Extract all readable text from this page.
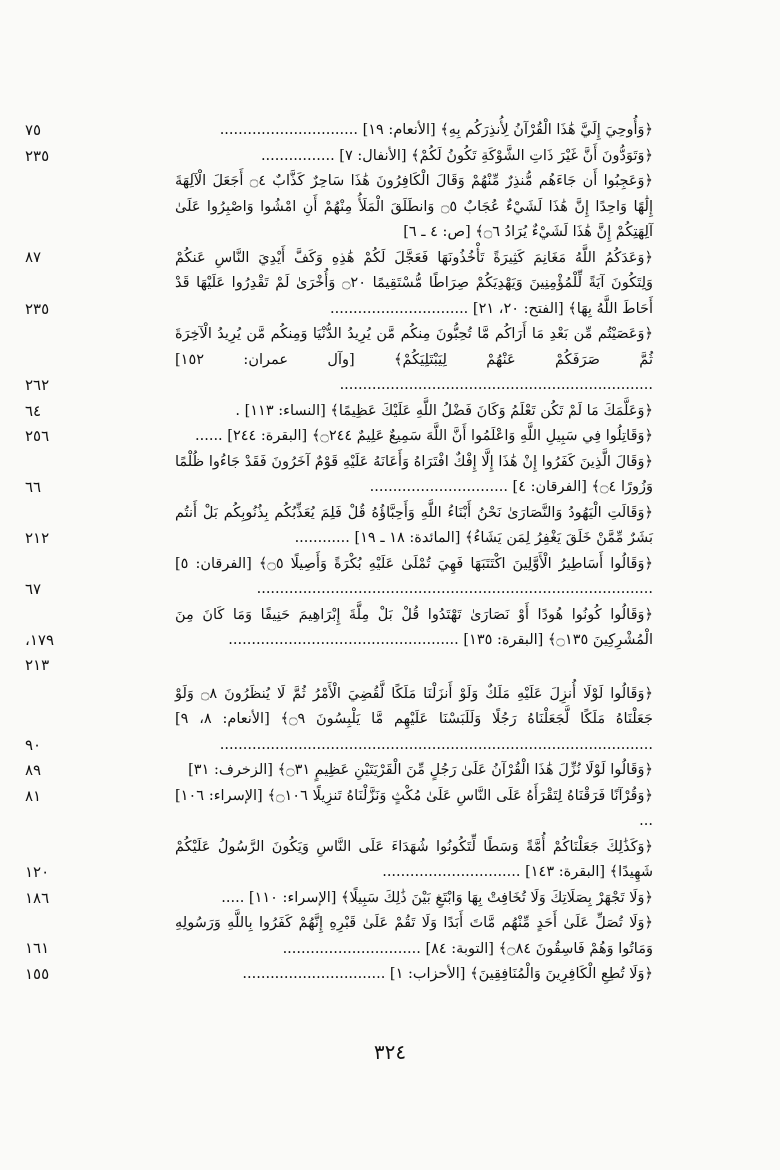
﴿وَأُوحِيَ إِلَيَّ هَٰذَا الْقُرْآنُ لِأُنذِرَكُم بِهِ﴾ [الأنعام: ١٩] ..............................
٧٥
﴿وَتَوَدُّونَ أَنَّ غَيْرَ ذَاتِ الشَّوْكَةِ تَكُونُ لَكُمْ﴾ [الأنفال: ٧] ................
٢٣٥
﴿وَعَجِبُوا أَن جَاءَهُم مُّنذِرٌ مِّنْهُمْ وَقَالَ الْكَافِرُونَ هَٰذَا سَاحِرٌ كَذَّابٌ ۝٤ أَجَعَلَ الْآلِهَةَ إِلَٰهًا وَاحِدًا إِنَّ هَٰذَا لَشَيْءٌ عُجَابٌ ۝٥ وَانطَلَقَ الْمَلَأُ مِنْهُمْ أَنِ امْشُوا وَاصْبِرُوا عَلَىٰ آلِهَتِكُمْ إِنَّ هَٰذَا لَشَيْءٌ يُرَادُ ۝٦﴾ [ص: ٤ ـ ٦]
٨٧	﴿وَعَدَكُمُ اللَّهُ مَغَانِمَ كَثِيرَةً تَأْخُذُونَهَا فَعَجَّلَ لَكُمْ هَٰذِهِ وَكَفَّ أَيْدِيَ النَّاسِ عَنكُمْ وَلِتَكُونَ آيَةً لِّلْمُؤْمِنِينَ وَيَهْدِيَكُمْ صِرَاطًا مُّسْتَقِيمًا ۝٢٠ وَأُخْرَىٰ لَمْ تَقْدِرُوا عَلَيْهَا قَدْ أَحَاطَ اللَّهُ بِهَا﴾ [الفتح: ٢٠، ٢١] ..............................
٢٣٥
﴿وَعَصَيْتُم مِّن بَعْدِ مَا أَرَاكُم مَّا تُحِبُّونَ مِنكُم مَّن يُرِيدُ الدُّنْيَا وَمِنكُم مَّن يُرِيدُ الْآخِرَةَ ثُمَّ صَرَفَكُمْ عَنْهُمْ لِيَبْتَلِيَكُمْ﴾ [وآل عمران: ١٥٢] ....................................................................
٢٦٢
﴿وَعَلَّمَكَ مَا لَمْ تَكُن تَعْلَمُ وَكَانَ فَضْلُ اللَّهِ عَلَيْكَ عَظِيمًا﴾ [النساء: ١١٣] .
٦٤
﴿وَقَاتِلُوا فِي سَبِيلِ اللَّهِ وَاعْلَمُوا أَنَّ اللَّهَ سَمِيعٌ عَلِيمٌ ۝٢٤٤﴾ [البقرة: ٢٤٤] ......
٢٥٦
﴿وَقَالَ الَّذِينَ كَفَرُوا إِنْ هَٰذَا إِلَّا إِفْكٌ افْتَرَاهُ وَأَعَانَهُ عَلَيْهِ قَوْمٌ آخَرُونَ فَقَدْ جَاءُوا ظُلْمًا وَزُورًا ۝٤﴾ [الفرقان: ٤] ..............................
٦٦
﴿وَقَالَتِ الْيَهُودُ وَالنَّصَارَىٰ نَحْنُ أَبْنَاءُ اللَّهِ وَأَحِبَّاؤُهُ قُلْ فَلِمَ يُعَذِّبُكُم بِذُنُوبِكُم بَلْ أَنتُم بَشَرٌ مِّمَّنْ خَلَقَ يَغْفِرُ لِمَن يَشَاءُ﴾ [المائدة: ١٨ ـ ١٩] ............
٢١٢
﴿وَقَالُوا أَسَاطِيرُ الْأَوَّلِينَ اكْتَتَبَهَا فَهِيَ تُمْلَىٰ عَلَيْهِ بُكْرَةً وَأَصِيلًا ۝٥﴾ [الفرقان: ٥] ......................................................................................
٦٧
﴿وَقَالُوا كُونُوا هُودًا أَوْ نَصَارَىٰ تَهْتَدُوا قُلْ بَلْ مِلَّةَ إِبْرَاهِيمَ حَنِيفًا وَمَا كَانَ مِنَ الْمُشْرِكِينَ ۝١٣٥﴾ [البقرة: ١٣٥] ..................................................
١٧٩،
٢١٣
﴿وَقَالُوا لَوْلَا أُنزِلَ عَلَيْهِ مَلَكٌ وَلَوْ أَنزَلْنَا مَلَكًا لَّقُضِيَ الْأَمْرُ ثُمَّ لَا يُنظَرُونَ ۝٨ وَلَوْ جَعَلْنَاهُ مَلَكًا لَّجَعَلْنَاهُ رَجُلًا وَلَلَبَسْنَا عَلَيْهِم مَّا يَلْبِسُونَ ۝٩﴾ [الأنعام: ٨، ٩] ..............................................................................................
٩٠
﴿وَقَالُوا لَوْلَا نُزِّلَ هَٰذَا الْقُرْآنُ عَلَىٰ رَجُلٍ مِّنَ الْقَرْيَتَيْنِ عَظِيمٍ ۝٣١﴾ [الزخرف: ٣١]
٨٩
﴿وَقُرْآنًا فَرَقْنَاهُ لِتَقْرَأَهُ عَلَى النَّاسِ عَلَىٰ مُكْثٍ وَنَزَّلْنَاهُ تَنزِيلًا ۝١٠٦﴾ [الإسراء: ١٠٦] ...
٨١
﴿وَكَذَٰلِكَ جَعَلْنَاكُمْ أُمَّةً وَسَطًا لِّتَكُونُوا شُهَدَاءَ عَلَى النَّاسِ وَيَكُونَ الرَّسُولُ عَلَيْكُمْ شَهِيدًا﴾ [البقرة: ١٤٣] ..............................
١٢٠
﴿وَلَا تَجْهَرْ بِصَلَاتِكَ وَلَا تُخَافِتْ بِهَا وَابْتَغِ بَيْنَ ذَٰلِكَ سَبِيلًا﴾ [الإسراء: ١١٠] .....
١٨٦
﴿وَلَا تُصَلِّ عَلَىٰ أَحَدٍ مِّنْهُم مَّاتَ أَبَدًا وَلَا تَقُمْ عَلَىٰ قَبْرِهِ إِنَّهُمْ كَفَرُوا بِاللَّهِ وَرَسُولِهِ وَمَاتُوا وَهُمْ فَاسِقُونَ ۝٨٤﴾ [التوبة: ٨٤] ..............................
١٦١
﴿وَلَا تُطِعِ الْكَافِرِينَ وَالْمُنَافِقِينَ﴾ [الأحزاب: ١] ...............................
١٥٥
٣٢٤
